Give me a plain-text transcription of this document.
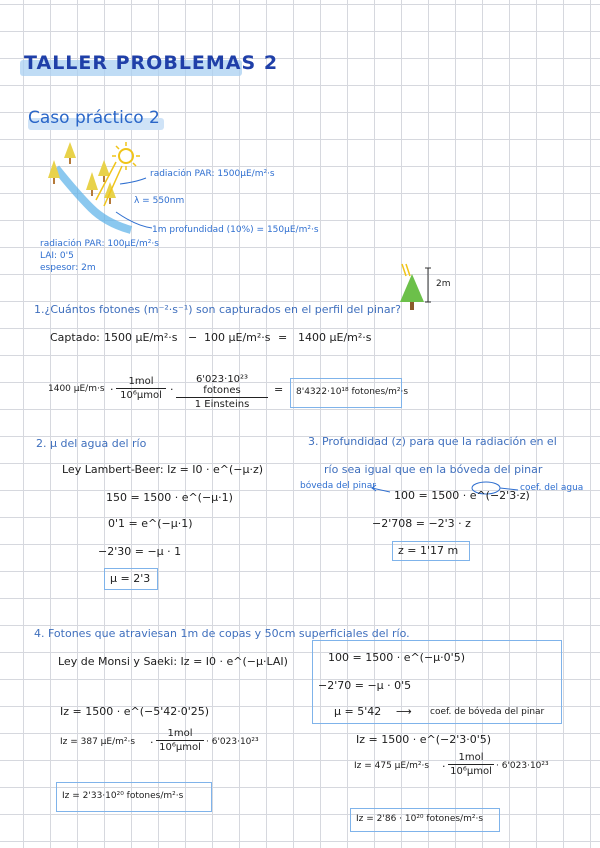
TALLER PROBLEMAS 2
Caso práctico 2
radiación PAR: 1500µE/m²·s
λ = 550nm
1m profundidad (10%) = 150µE/m²·s
radiación PAR: 100µE/m²·s
LAI: 0'5
espesor: 2m
2m
1.¿Cuántos fotones (m⁻²·s⁻¹) son capturados en el perfil del pinar?
Captado: 1500 µE/m²·s − 100 µE/m²·s = 1400 µE/m²·s
1400 µE/m·s ·
1mol
10⁶µmol ·
6'023·10²³ fotones
1 Einsteins
= 8'4322·10¹⁸ fotones/m²·s
2. µ del agua del río
Ley Lambert-Beer: Iz = I0 · e^(−µ·z)
150 = 1500 · e^(−µ·1)
0'1 = e^(−µ·1)
−2'30 = −µ · 1
µ = 2'3
3. Profundidad (z) para que la radiación en el
río sea igual que en la bóveda del pinar
bóveda del pinar	coef. del agua
100 = 1500 · e^(−2'3·z)
−2'708 = −2'3 · z
z = 1'17 m
4. Fotones que atraviesan 1m de copas y 50cm superficiales del río.
Ley de Monsi y Saeki: Iz = I0 · e^(−µ·LAI)	100 = 1500 · e^(−µ·0'5)
−2'70 = −µ · 0'5
µ = 5'42 ⟶ coef. de bóveda del pinar
Iz = 1500 · e^(−5'42·0'25)
Iz = 387 µE/m²·s ·
1mol
10⁶µmol · 6'023·10²³
Iz = 2'33·10²⁰ fotones/m²·s
Iz = 1500 · e^(−2'3·0'5)
Iz = 475 µE/m²·s ·
1mol
10⁶µmol · 6'023·10²³
Iz = 2'86 · 10²⁰ fotones/m²·s
